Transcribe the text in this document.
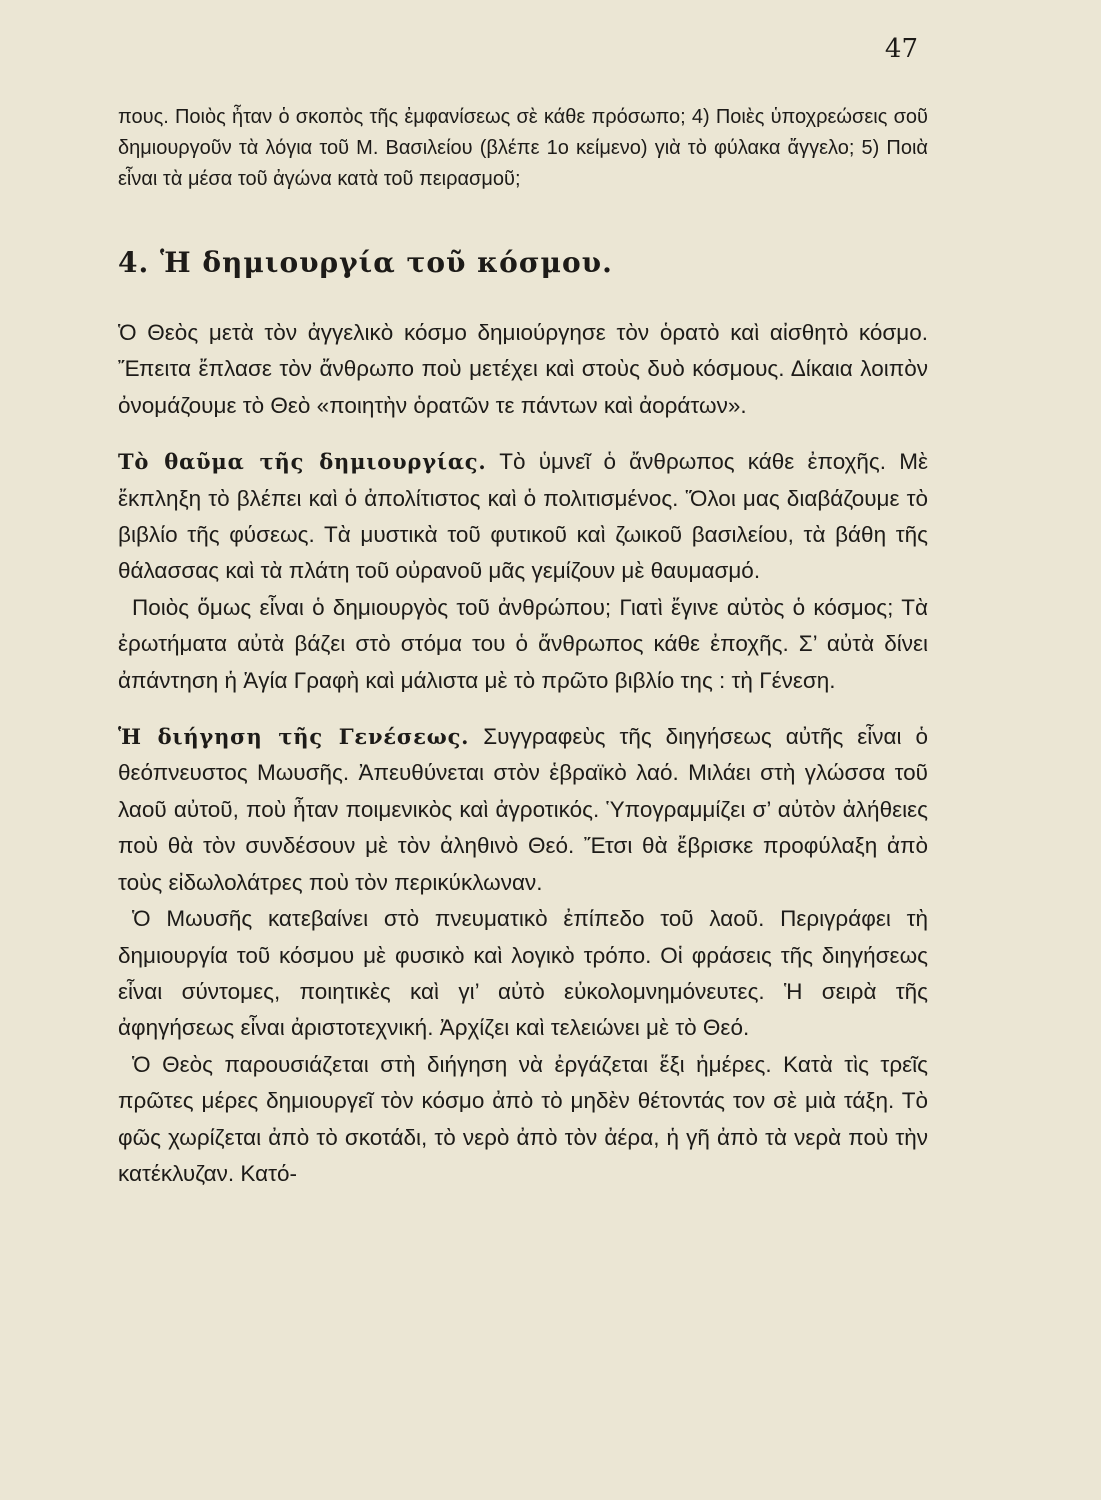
47

πους. Ποιὸς ἦταν ὁ σκοπὸς τῆς ἐμφανίσεως σὲ κάθε πρόσωπο; 4) Ποιὲς ὑποχρεώσεις σοῦ δημιουργοῦν τὰ λόγια τοῦ Μ. Βασιλείου (βλέπε 1ο κείμενο) γιὰ τὸ φύλακα ἄγγελο; 5) Ποιὰ εἶναι τὰ μέσα τοῦ ἀγώνα κατὰ τοῦ πειρασμοῦ;

4. Ἡ δημιουργία τοῦ κόσμου.

Ὁ Θεὸς μετὰ τὸν ἀγγελικὸ κόσμο δημιούργησε τὸν ὁρατὸ καὶ αἰσθητὸ κόσμο. Ἔπειτα ἔπλασε τὸν ἄνθρωπο ποὺ μετέχει καὶ στοὺς δυὸ κόσμους. Δίκαια λοιπὸν ὀνομάζουμε τὸ Θεὸ «ποιητὴν ὁρατῶν τε πάντων καὶ ἀοράτων».

Τὸ θαῦμα τῆς δημιουργίας. Τὸ ὑμνεῖ ὁ ἄνθρωπος κάθε ἐποχῆς. Μὲ ἔκπληξη τὸ βλέπει καὶ ὁ ἀπολίτιστος καὶ ὁ πολιτισμένος. Ὅλοι μας διαβάζουμε τὸ βιβλίο τῆς φύσεως. Τὰ μυστικὰ τοῦ φυτικοῦ καὶ ζωικοῦ βασιλείου, τὰ βάθη τῆς θάλασσας καὶ τὰ πλάτη τοῦ οὐρανοῦ μᾶς γεμίζουν μὲ θαυμασμό.

Ποιὸς ὅμως εἶναι ὁ δημιουργὸς τοῦ ἀνθρώπου; Γιατὶ ἔγινε αὐτὸς ὁ κόσμος; Τὰ ἐρωτήματα αὐτὰ βάζει στὸ στόμα του ὁ ἄνθρωπος κάθε ἐποχῆς. Σ’ αὐτὰ δίνει ἀπάντηση ἡ Ἁγία Γραφὴ καὶ μάλιστα μὲ τὸ πρῶτο βιβλίο της : τὴ Γένεση.

Ἡ διήγηση τῆς Γενέσεως. Συγγραφεὺς τῆς διηγήσεως αὐτῆς εἶναι ὁ θεόπνευστος Μωυσῆς. Ἀπευθύνεται στὸν ἑβραϊκὸ λαό. Μιλάει στὴ γλώσσα τοῦ λαοῦ αὐτοῦ, ποὺ ἦταν ποιμενικὸς καὶ ἀγροτικός. Ὑπογραμμίζει σ’ αὐτὸν ἀλήθειες ποὺ θὰ τὸν συνδέσουν μὲ τὸν ἀληθινὸ Θεό. Ἔτσι θὰ ἔβρισκε προφύλαξη ἀπὸ τοὺς εἰδωλολάτρες ποὺ τὸν περικύκλωναν.

Ὁ Μωυσῆς κατεβαίνει στὸ πνευματικὸ ἐπίπεδο τοῦ λαοῦ. Περιγράφει τὴ δημιουργία τοῦ κόσμου μὲ φυσικὸ καὶ λογικὸ τρόπο. Οἱ φράσεις τῆς διηγήσεως εἶναι σύντομες, ποιητικὲς καὶ γι’ αὐτὸ εὐκολομνημόνευτες. Ἡ σειρὰ τῆς ἀφηγήσεως εἶναι ἀριστοτεχνική. Ἀρχίζει καὶ τελειώνει μὲ τὸ Θεό.

Ὁ Θεὸς παρουσιάζεται στὴ διήγηση νὰ ἐργάζεται ἕξι ἡμέρες. Κατὰ τὶς τρεῖς πρῶτες μέρες δημιουργεῖ τὸν κόσμο ἀπὸ τὸ μηδὲν θέτοντάς τον σὲ μιὰ τάξη. Τὸ φῶς χωρίζεται ἀπὸ τὸ σκοτάδι, τὸ νερὸ ἀπὸ τὸν ἀέρα, ἡ γῆ ἀπὸ τὰ νερὰ ποὺ τὴν κατέκλυζαν. Κατό-
